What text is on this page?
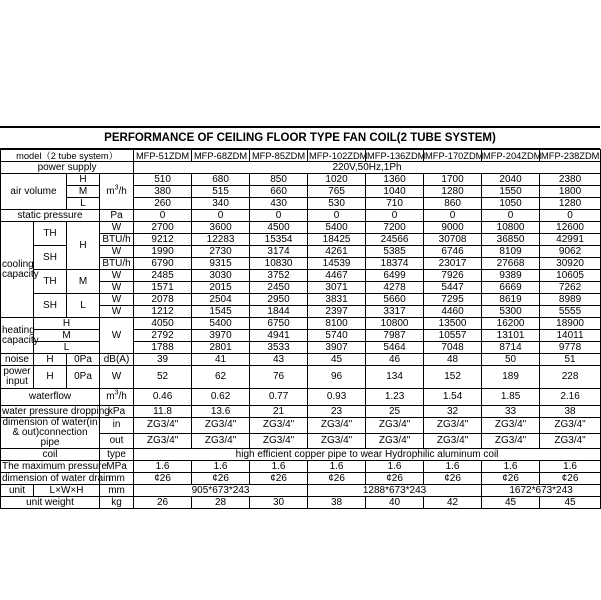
PERFORMANCE OF CEILING FLOOR TYPE FAN COIL(2 TUBE SYSTEM)
model（2 tube system）				MFP-51ZDM	MFP-68ZDM	MFP-85ZDM	MFP-102ZDM	MFP-136ZDM	MFP-170ZDM	MFP-204ZDM	MFP-238ZDM
power supply				220V,50Hz,1Ph							
air volume		H	$m^3/h$	510	680	850	1020	1360	1700	2040	2380
		M		380	515	660	765	1040	1280	1550	1800
		L		260	340	430	530	710	860	1050	1280
static pressure			Pa	0	0	0	0	0	0	0	0
cooling capacity	TH	H	W	2700	3600	4500	5400	7200	9000	10800	12600
			BTU/h	9212	12283	15354	18425	24566	30708	36850	42991
	SH		W	1990	2730	3174	4261	5385	6746	8109	9062
			BTU/h	6790	9315	10830	14539	18374	23017	27668	30920
	TH	M	W	2485	3030	3752	4467	6499	7926	9389	10605
			W	1571	2015	2450	3071	4278	5447	6669	7262
	SH	L	W	2078	2504	2950	3831	5660	7295	8619	8989
			W	1212	1545	1844	2397	3317	4460	5300	5555
heating capacity	H		W	4050	5400	6750	8100	10800	13500	16200	18900
	M			2792	3970	4941	5740	7987	10557	13101	14011
	L			1788	2801	3533	3907	5464	7048	8714	9778
noise	H	0Pa	dB(A)	39	41	43	45	46	48	50	51
power input	H	0Pa	W	52	62	76	96	134	152	189	228
waterflow			$m^3/h$	0.46	0.62	0.77	0.93	1.23	1.54	1.85	2.16
water pressure dropping			kPa	11.8	13.6	21	23	25	32	33	38
dimension of water(in & out)connection pipe			in	ZG3/4"	ZG3/4"	ZG3/4"	ZG3/4"	ZG3/4"	ZG3/4"	ZG3/4"	ZG3/4"
			out	ZG3/4"	ZG3/4"	ZG3/4"	ZG3/4"	ZG3/4"	ZG3/4"	ZG3/4"	ZG3/4"
coil			type	high efficient copper pipe to wear Hydrophilic aluminum coil							
The maximum pressure			MPa	1.6	1.6	1.6	1.6	1.6	1.6	1.6	1.6
dimension of water drain			mm	¢26	¢26	¢26	¢26	¢26	¢26	¢26	¢26
unit	L×W×H		mm	905*673*243			1288*673*243			1672*673*243	
unit weight			kg	26	28	30	38	40	42	45	45
